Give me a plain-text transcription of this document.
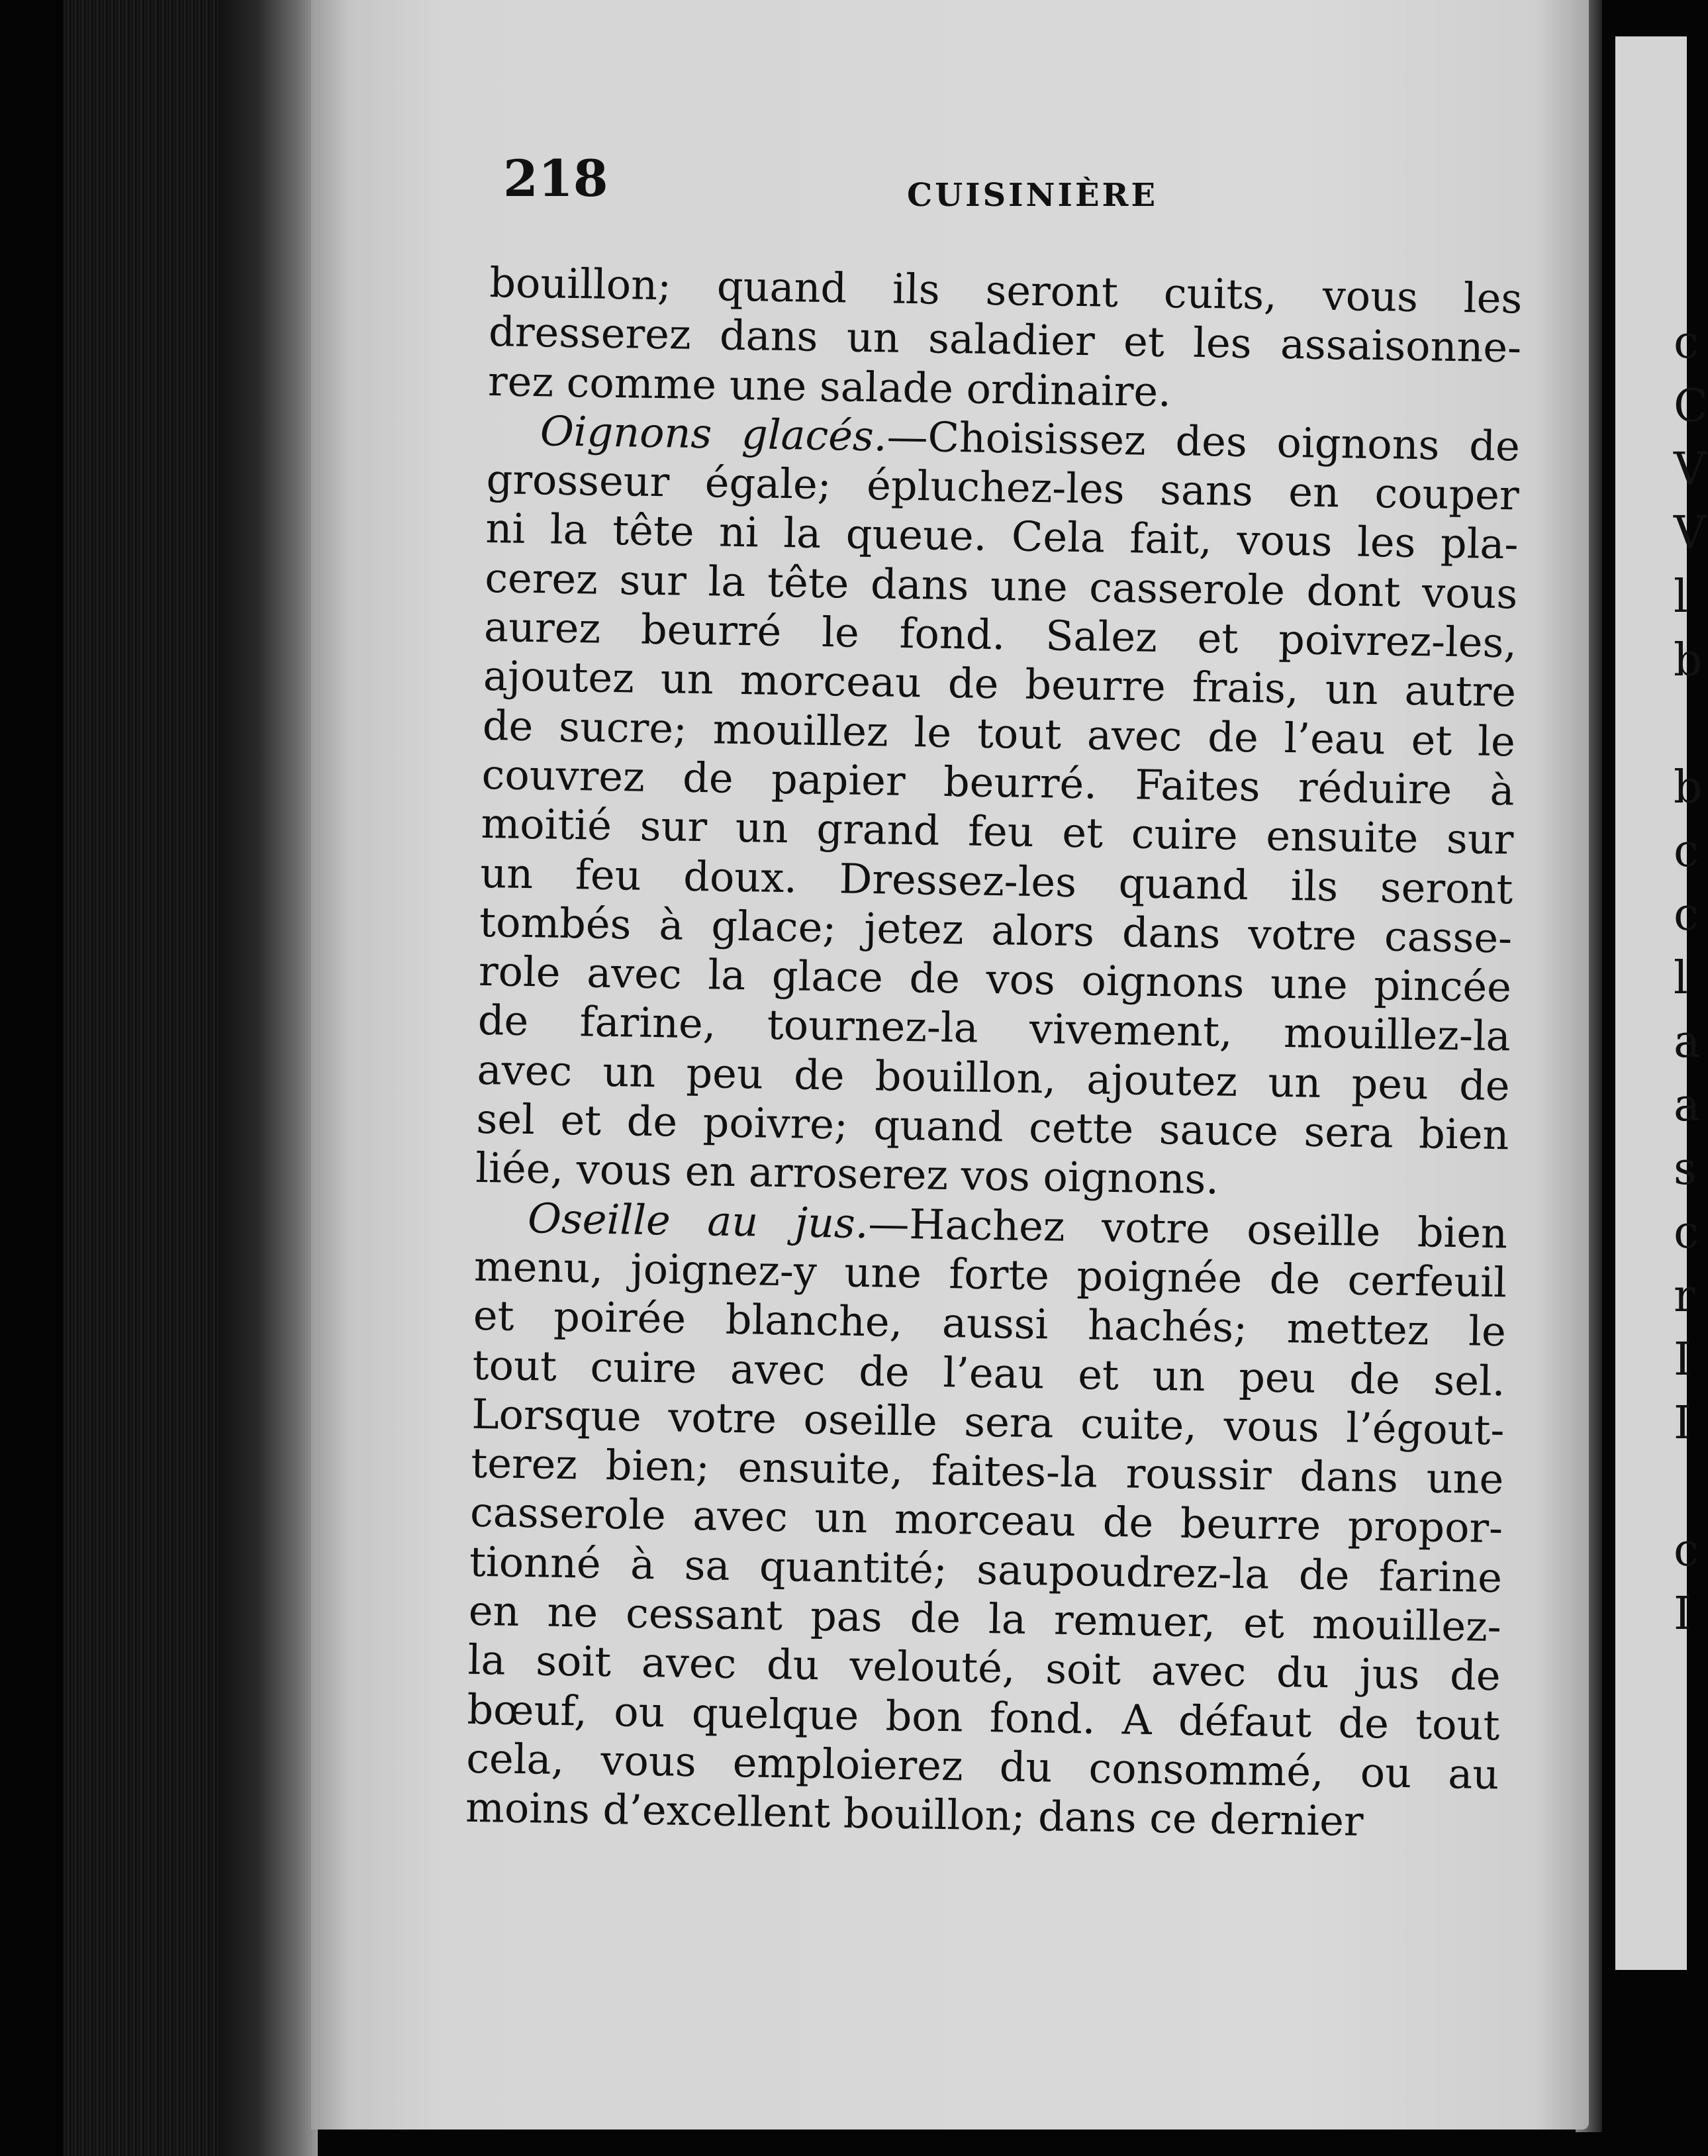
c
C
V
V
l
b
b
c
c
l
a
a
s
c
r
I
I
c
I
218	CUISINIÈRE
bouillon; quand ils seront cuits, vous les
dresserez dans un saladier et les assaisonne-
rez comme une salade ordinaire.
Oignons glacés.—Choisissez des oignons de
grosseur égale; épluchez-les sans en couper
ni la tête ni la queue. Cela fait, vous les pla-
cerez sur la tête dans une casserole dont vous
aurez beurré le fond. Salez et poivrez-les,
ajoutez un morceau de beurre frais, un autre
de sucre; mouillez le tout avec de l’eau et le
couvrez de papier beurré. Faites réduire à
moitié sur un grand feu et cuire ensuite sur
un feu doux. Dressez-les quand ils seront
tombés à glace; jetez alors dans votre casse-
role avec la glace de vos oignons une pincée
de farine, tournez-la vivement, mouillez-la
avec un peu de bouillon, ajoutez un peu de
sel et de poivre; quand cette sauce sera bien
liée, vous en arroserez vos oignons.
Oseille au jus.—Hachez votre oseille bien
menu, joignez-y une forte poignée de cerfeuil
et poirée blanche, aussi hachés; mettez le
tout cuire avec de l’eau et un peu de sel.
Lorsque votre oseille sera cuite, vous l’égout-
terez bien; ensuite, faites-la roussir dans une
casserole avec un morceau de beurre propor-
tionné à sa quantité; saupoudrez-la de farine
en ne cessant pas de la remuer, et mouillez-
la soit avec du velouté, soit avec du jus de
bœuf, ou quelque bon fond. A défaut de tout
cela, vous emploierez du consommé, ou au
moins d’excellent bouillon; dans ce dernier
